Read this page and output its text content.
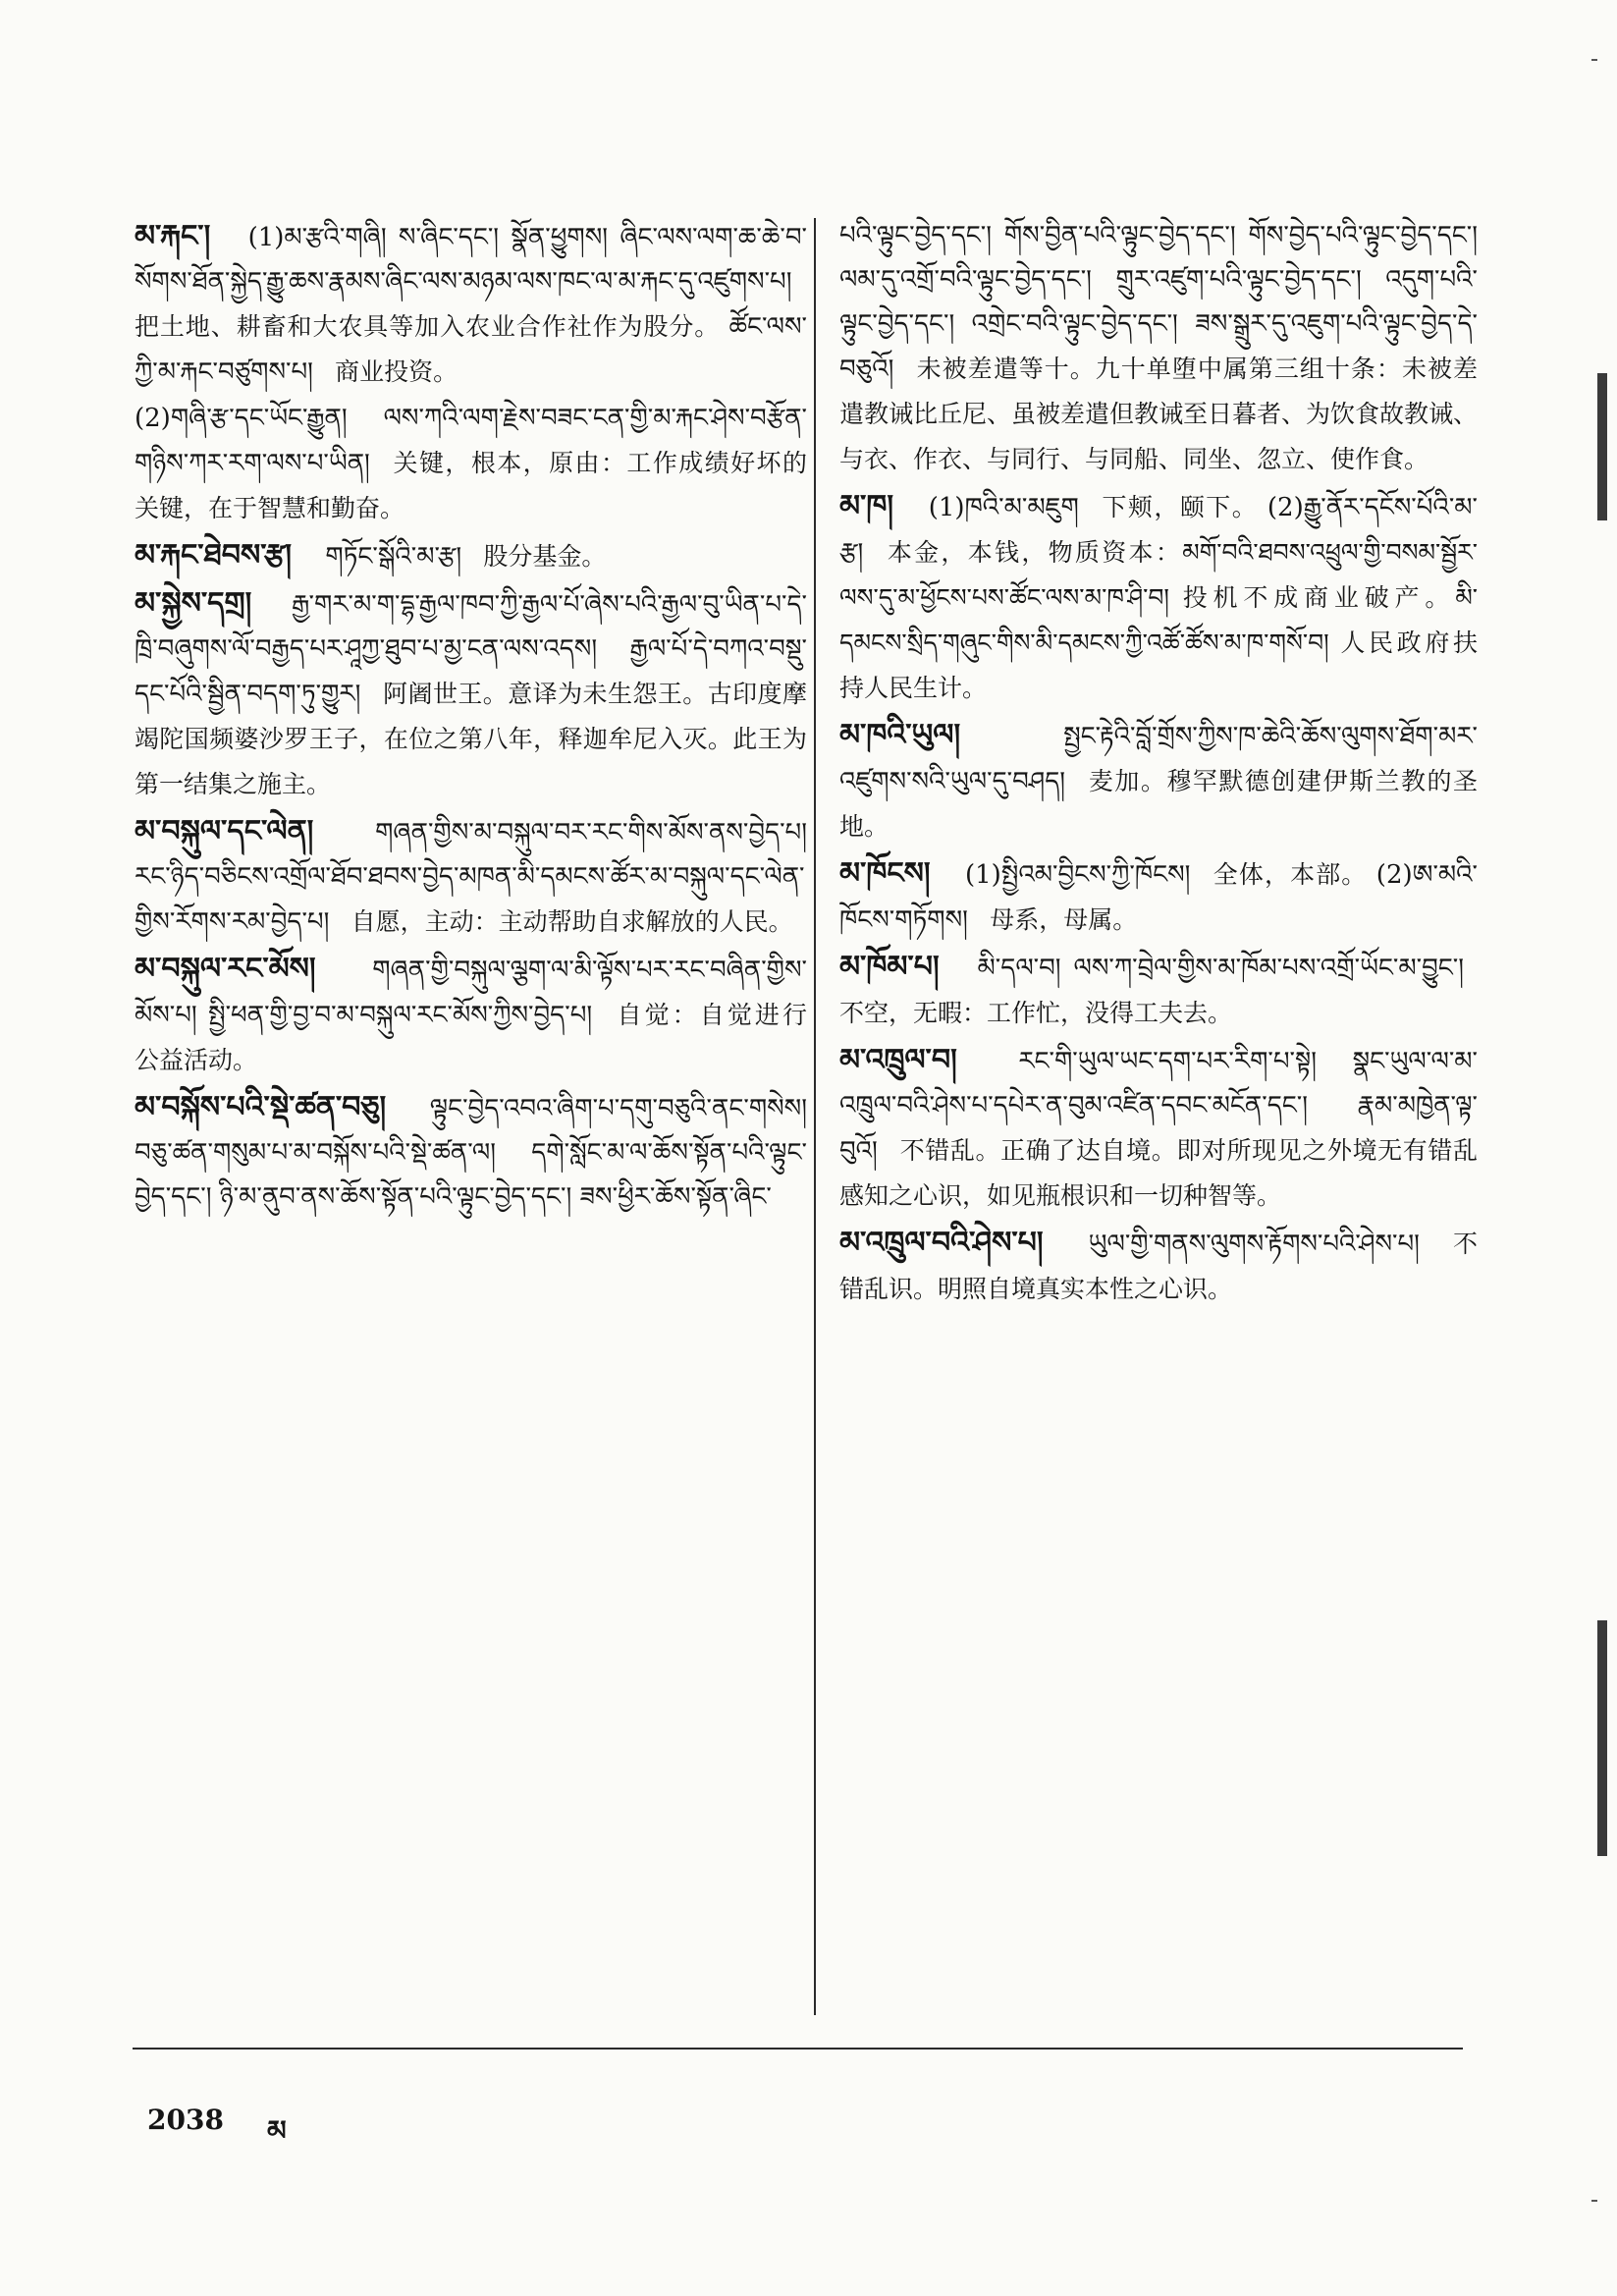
མ་རྐང་། (1)མ་རྩའི་གཞི། ས་ཞིང་དང་། སྣོན་ཕྱུགས། ཞིང་ལས་ལག་ཆ་ཆེ་བ་སོགས་ཐོན་སྐྱེད་རྒྱུ་ཆས་རྣམས་ཞིང་ལས་མཉམ་ལས་ཁང་ལ་མ་རྐང་དུ་འཛུགས་པ། 把土地、耕畜和大农具等加入农业合作社作为股分。 ཚོང་ལས་ཀྱི་མ་རྐང་བཙུགས་པ། 商业投资。

(2)གཞི་རྩ་དང་ཡོང་རྒྱུན། ལས་ཀའི་ལག་རྗེས་བཟང་ངན་གྱི་མ་རྐང་ཤེས་བརྩོན་གཉིས་ཀར་རག་ལས་པ་ཡིན། 关键，根本，原由：工作成绩好坏的关键，在于智慧和勤奋。

མ་རྐང་ཐེབས་རྩ། གཏོང་སྒོའི་མ་རྩ། 股分基金。

མ་སྐྱེས་དགྲ། རྒྱ་གར་མ་ག་དྷ་རྒྱལ་ཁབ་ཀྱི་རྒྱལ་པོ་ཞེས་པའི་རྒྱལ་བུ་ཡིན་པ་དེ་ཁྲི་བཞུགས་ལོ་བརྒྱད་པར་ཤཱཀྱ་ཐུབ་པ་མྱ་ངན་ལས་འདས། རྒྱལ་པོ་དེ་བཀའ་བསྡུ་དང་པོའི་སྦྱིན་བདག་ཏུ་གྱུར། 阿阇世王。意译为未生怨王。古印度摩竭陀国频婆沙罗王子，在位之第八年，释迦牟尼入灭。此王为第一结集之施主。

མ་བསྐུལ་དང་ལེན། གཞན་གྱིས་མ་བསྐུལ་བར་རང་གིས་མོས་ནས་བྱེད་པ། རང་ཉིད་བཅིངས་འགྲོལ་ཐོབ་ཐབས་བྱེད་མཁན་མི་དམངས་ཚོར་མ་བསྐུལ་དང་ལེན་གྱིས་རོགས་རམ་བྱེད་པ། 自愿，主动：主动帮助自求解放的人民。

མ་བསྐུལ་རང་མོས། གཞན་གྱི་བསྐུལ་ལྕག་ལ་མི་ལྟོས་པར་རང་བཞིན་གྱིས་མོས་པ། སྤྱི་ཕན་གྱི་བྱ་བ་མ་བསྐུལ་རང་མོས་ཀྱིས་བྱེད་པ། 自觉：自觉进行公益活动。

མ་བསྐོས་པའི་སྡེ་ཚན་བཅུ། ལྟུང་བྱེད་འབའ་ཞིག་པ་དགུ་བཅུའི་ནང་གསེས། བཅུ་ཚན་གསུམ་པ་མ་བསྐོས་པའི་སྡེ་ཚན་ལ། དགེ་སློང་མ་ལ་ཆོས་སྟོན་པའི་ལྟུང་བྱེད་དང་། ཉི་མ་ནུབ་ནས་ཆོས་སྟོན་པའི་ལྟུང་བྱེད་དང་། ཟས་ཕྱིར་ཆོས་སྟོན་ཞིང་

པའི་ལྟུང་བྱེད་དང་། གོས་བྱིན་པའི་ལྟུང་བྱེད་དང་། གོས་བྱེད་པའི་ལྟུང་བྱེད་དང་། ལམ་དུ་འགྲོ་བའི་ལྟུང་བྱེད་དང་། གྲུར་འཛུག་པའི་ལྟུང་བྱེད་དང་། འདུག་པའི་ལྟུང་བྱེད་དང་། འགྲེང་བའི་ལྟུང་བྱེད་དང་། ཟས་སྒྲུར་དུ་འཇུག་པའི་ལྟུང་བྱེད་དེ་བཅུའོ། 未被差遣等十。九十单堕中属第三组十条：未被差遣教诫比丘尼、虽被差遣但教诫至日暮者、为饮食故教诫、与衣、作衣、与同行、与同船、同坐、忽立、使作食。

མ་ཁ། (1)ཁའི་མ་མཇུག 下颊，颐下。 (2)རྒྱུ་ནོར་དངོས་པོའི་མ་རྩ། 本金，本钱，物质资本：མགོ་བའི་ཐབས་འཕྲུལ་གྱི་བསམ་སྦྱོར་ལས་དུ་མ་ཕྱོངས་པས་ཚོང་ལས་མ་ཁ་ཤི་བ། 投机不成商业破产。མི་དམངས་སྲིད་གཞུང་གིས་མི་དམངས་ཀྱི་འཚོ་ཚོས་མ་ཁ་གསོ་བ། 人民政府扶持人民生计。

མ་ཁའི་ཡུལ།	སྤྱང་རྟེའི་བློ་གྲོས་ཀྱིས་ཁ་ཆེའི་ཆོས་ལུགས་ཐོག་མར་འཛུགས་སའི་ཡུལ་དུ་བཤད། 麦加。穆罕默德创建伊斯兰教的圣地。

མ་ཁོངས། (1)སྤྱིའམ་བྱིངས་ཀྱི་ཁོངས། 全体，本部。 (2)ཨ་མའི་ཁོངས་གཏོགས། 母系，母属。

མ་ཁོམ་པ། མི་དལ་བ། ལས་ཀ་བྲེལ་གྱིས་མ་ཁོམ་པས་འགྲོ་ཡོང་མ་བྱུང་། 不空，无暇：工作忙，没得工夫去。

མ་འཁྲུལ་བ། རང་གི་ཡུལ་ཡང་དག་པར་རིག་པ་སྟེ། སྣང་ཡུལ་ལ་མ་འཁྲུལ་བའི་ཤེས་པ་དཔེར་ན་བུམ་འཛིན་དབང་མངོན་དང་། རྣམ་མཁྱེན་ལྟ་བུའོ། 不错乱。正确了达自境。即对所现见之外境无有错乱感知之心识，如见瓶根识和一切种智等。

མ་འཁྲུལ་བའི་ཤེས་པ། ཡུལ་གྱི་གནས་ལུགས་རྟོགས་པའི་ཤེས་པ། 不错乱识。明照自境真实本性之心识。

2038 མ
